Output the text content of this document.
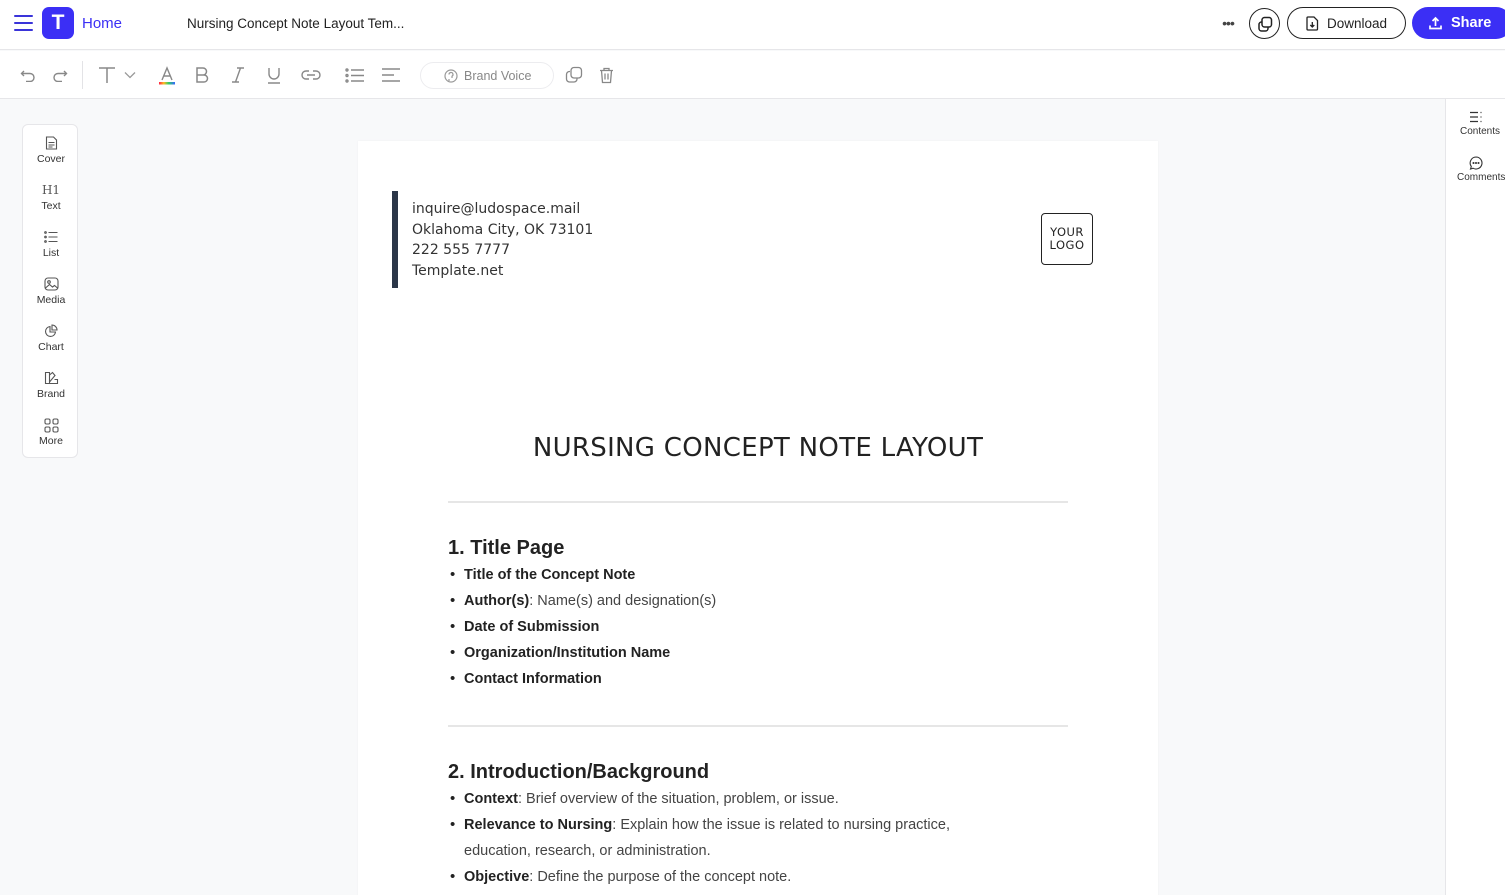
T	Home	Nursing Concept Note Layout Tem...	•••	Download	Share
Brand Voice
Cover
H1
Text
List
Media
Chart
Brand
More
Contents
Comments
inquire@ludospace.mail
Oklahoma City, OK 73101
222 555 7777
Template.net
YOUR
LOGO
NURSING CONCEPT NOTE LAYOUT
1. Title Page
• Title of the Concept Note
• Author(s): Name(s) and designation(s)
• Date of Submission
• Organization/Institution Name
• Contact Information
2. Introduction/Background
• Context: Brief overview of the situation, problem, or issue.
• Relevance to Nursing: Explain how the issue is related to nursing practice, education, research, or administration.
• Objective: Define the purpose of the concept note.
